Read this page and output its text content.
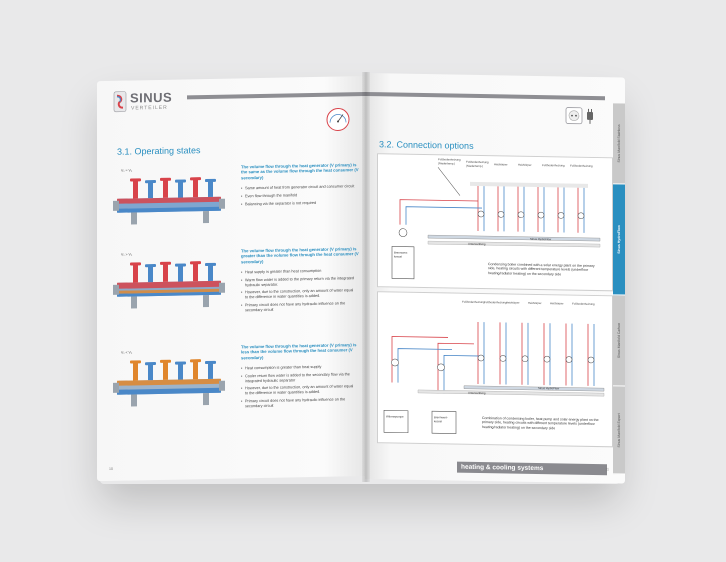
SINUS
VERTEILER
3.1. Operating states
V₁ = V₂
The volume flow through the heat generator (V primary) is the same as the volume flow through the heat consumer (V secondary)
• Same amount of heat from generator circuit and consumer circuit
• Even flow through the manifold
• Balancing via the separator is not required
V₁ > V₂
The volume flow through the heat generator (V primary) is greater than the volume flow through the heat consumer (V secondary)
• Heat supply is greater than heat consumption
• Warm flow water is added to the primary return via the integrated hydraulic separator.
• However, due to the construction, only an amount of water equal to the difference in water quantities is added.
• Primary circuit does not have any hydraulic influence on the secondary circuit
V₁ < V₂
The volume flow through the heat generator (V primary) is less than the volume flow through the heat consumer (V secondary)
• Heat consumption is greater than heat supply
• Cooler return flow water is added to the secondary flow via the integrated hydraulic separator
• However, due to the construction, only an amount of water equal to the difference in water quantities is added.
• Primary circuit does not have any hydraulic influence on the secondary circuit
10
3.2. Connection options
Fußbodenheizung (Niedertemp.)	Fußbodenheizung (Niedertemp.)	Heizkörper	Heizkörper	Fußbodenheizung	Fußbodenheizung
Sinus HydroFlow
Untervertilung
Brennwert-kessel
Condensing boiler combined with a solar energy plant on the primary side, heating circuits with different temperature levels (underfloor heating/radiator heating) on the secondary side
Fußbodenheizung Fußbodenheizung Heizkörper	Heizkörper	Heizkörper	Fußbodenheizung
Sinus HydroFlow
Untervertilung
Wärmepumpe	Brennwert-kessel	Combination of condensing boiler, heat pump and solar energy plant on the primary side, heating circuits with different temperature levels (underfloor heating/radiator heating) on the secondary side
Sinus Manifold Stainless
Sinus HydroFlow
Sinus Manifold Carbon
Sinus Manifold Expert
heating & cooling systems	11
